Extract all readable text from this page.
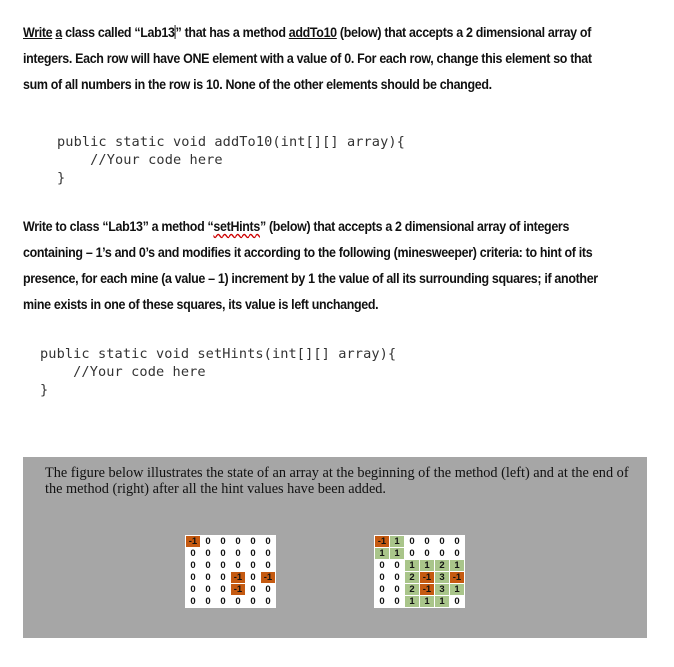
Write a class called “Lab13” that has a method addTo10 (below) that accepts a 2 dimensional array of integers. Each row will have ONE element with a value of 0. For each row, change this element so that sum of all numbers in the row is 10. None of the other elements should be changed.
public static void addTo10(int[][] array){
//Your code here
}
Write to class “Lab13” a method “setHints” (below) that accepts a 2 dimensional array of integers containing – 1’s and 0’s and modifies it according to the following (minesweeper) criteria: to hint of its presence, for each mine (a value – 1) increment by 1 the value of all its surrounding squares; if another mine exists in one of these squares, its value is left unchanged.
public static void setHints(int[][] array){
//Your code here
}
The figure below illustrates the state of an array at the beginning of the method (left) and at the end of the method (right) after all the hint values have been added.
-1	0	0	0	0	0
0	0	0	0	0	0
0	0	0	0	0	0
0	0	0	-1	0	-1
0	0	0	-1	0	0
0	0	0	0	0	0
-1	1	0	0	0	0
1	1	0	0	0	0
0	0	1	1	2	1
0	0	2	-1	3	-1
0	0	2	-1	3	1
0	0	1	1	1	0
